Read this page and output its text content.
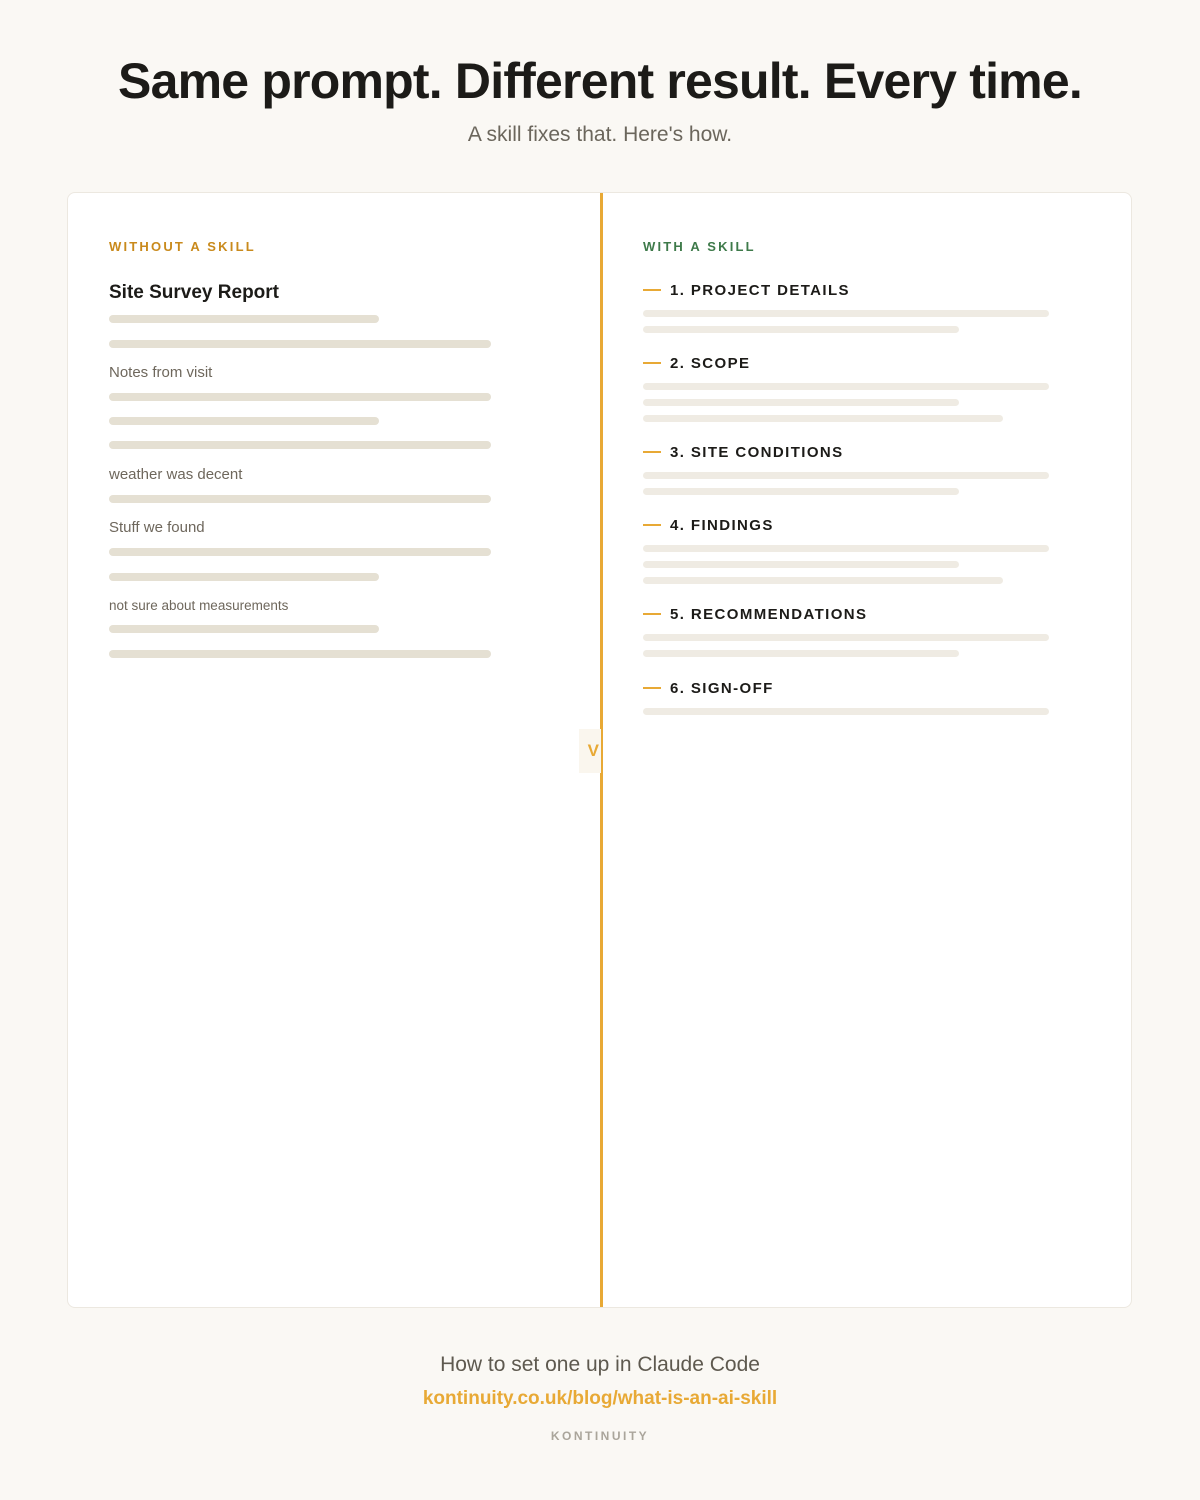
Same prompt. Different result. Every time.

A skill fixes that. Here's how.

V
WITHOUT A SKILL
Site Survey Report
Notes from visit
weather was decent
Stuff we found
not sure about measurements
WITH A SKILL
1. PROJECT DETAILS
2. SCOPE
3. SITE CONDITIONS
4. FINDINGS
5. RECOMMENDATIONS
6. SIGN-OFF
How to set one up in Claude Code
kontinuity.co.uk/blog/what-is-an-ai-skill
KONTINUITY
